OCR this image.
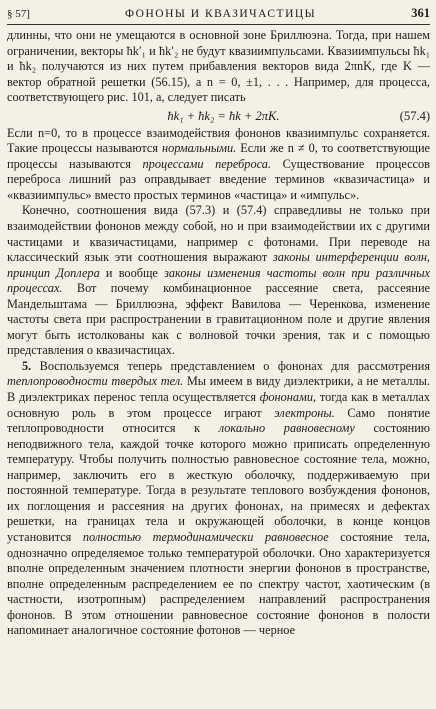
§ 57]	ФОНОНЫ И КВАЗИЧАСТИЦЫ	361

длинны, что они не умещаются в основной зоне Бриллюэна. Тогда, при нашем ограничении, векторы ħk′₁ и ħk′₂ не будут квазиимпульсами. Квазиимпульсы ħk₁ и ħk₂ получаются из них путем прибавления векторов вида 2πnK, где K — вектор обратной решетки (56.15), а n = 0, ±1, . . . Например, для процесса, соответствующего рис. 101, a, следует писать

ħk₁ + ħk₂ = ħk + 2πK.	(57.4)

Если n=0, то в процессе взаимодействия фононов квазиимпульс сохраняется. Такие процессы называются нормальными. Если же n ≠ 0, то соответствующие процессы называются процессами переброса. Существование процессов переброса лишний раз оправдывает введение терминов «квазичастица» и «квазиимпульс» вместо простых терминов «частица» и «импульс».

Конечно, соотношения вида (57.3) и (57.4) справедливы не только при взаимодействии фононов между собой, но и при взаимодействии их с другими частицами и квазичастицами, например с фотонами. При переводе на классический язык эти соотношения выражают законы интерференции волн, принцип Доплера и вообще законы изменения частоты волн при различных процессах. Вот почему комбинационное рассеяние света, рассеяние Мандельштама — Бриллюэна, эффект Вавилова — Черенкова, изменение частоты света при распространении в гравитационном поле и другие явления могут быть истолкованы как с волновой точки зрения, так и с помощью представления о квазичастицах.

5. Воспользуемся теперь представлением о фононах для рассмотрения теплопроводности твердых тел. Мы имеем в виду диэлектрики, а не металлы. В диэлектриках перенос тепла осуществляется фононами, тогда как в металлах основную роль в этом процессе играют электроны. Само понятие теплопроводности относится к локально равновесному состоянию неподвижного тела, каждой точке которого можно приписать определенную температуру. Чтобы получить полностью равновесное состояние тела, можно, например, заключить его в жесткую оболочку, поддерживаемую при постоянной температуре. Тогда в результате теплового возбуждения фононов, их поглощения и рассеяния на других фононах, на примесях и дефектах решетки, на границах тела и окружающей оболочки, в конце концов установится полностью термодинамически равновесное состояние тела, однозначно определяемое только температурой оболочки. Оно характеризуется вполне определенным значением плотности энергии фононов в пространстве, вполне определенным распределением ее по спектру частот, хаотическим (в частности, изотропным) распределением направлений распространения фононов. В этом отношении равновесное состояние фононов в полости напоминает аналогичное состояние фотонов — черное
